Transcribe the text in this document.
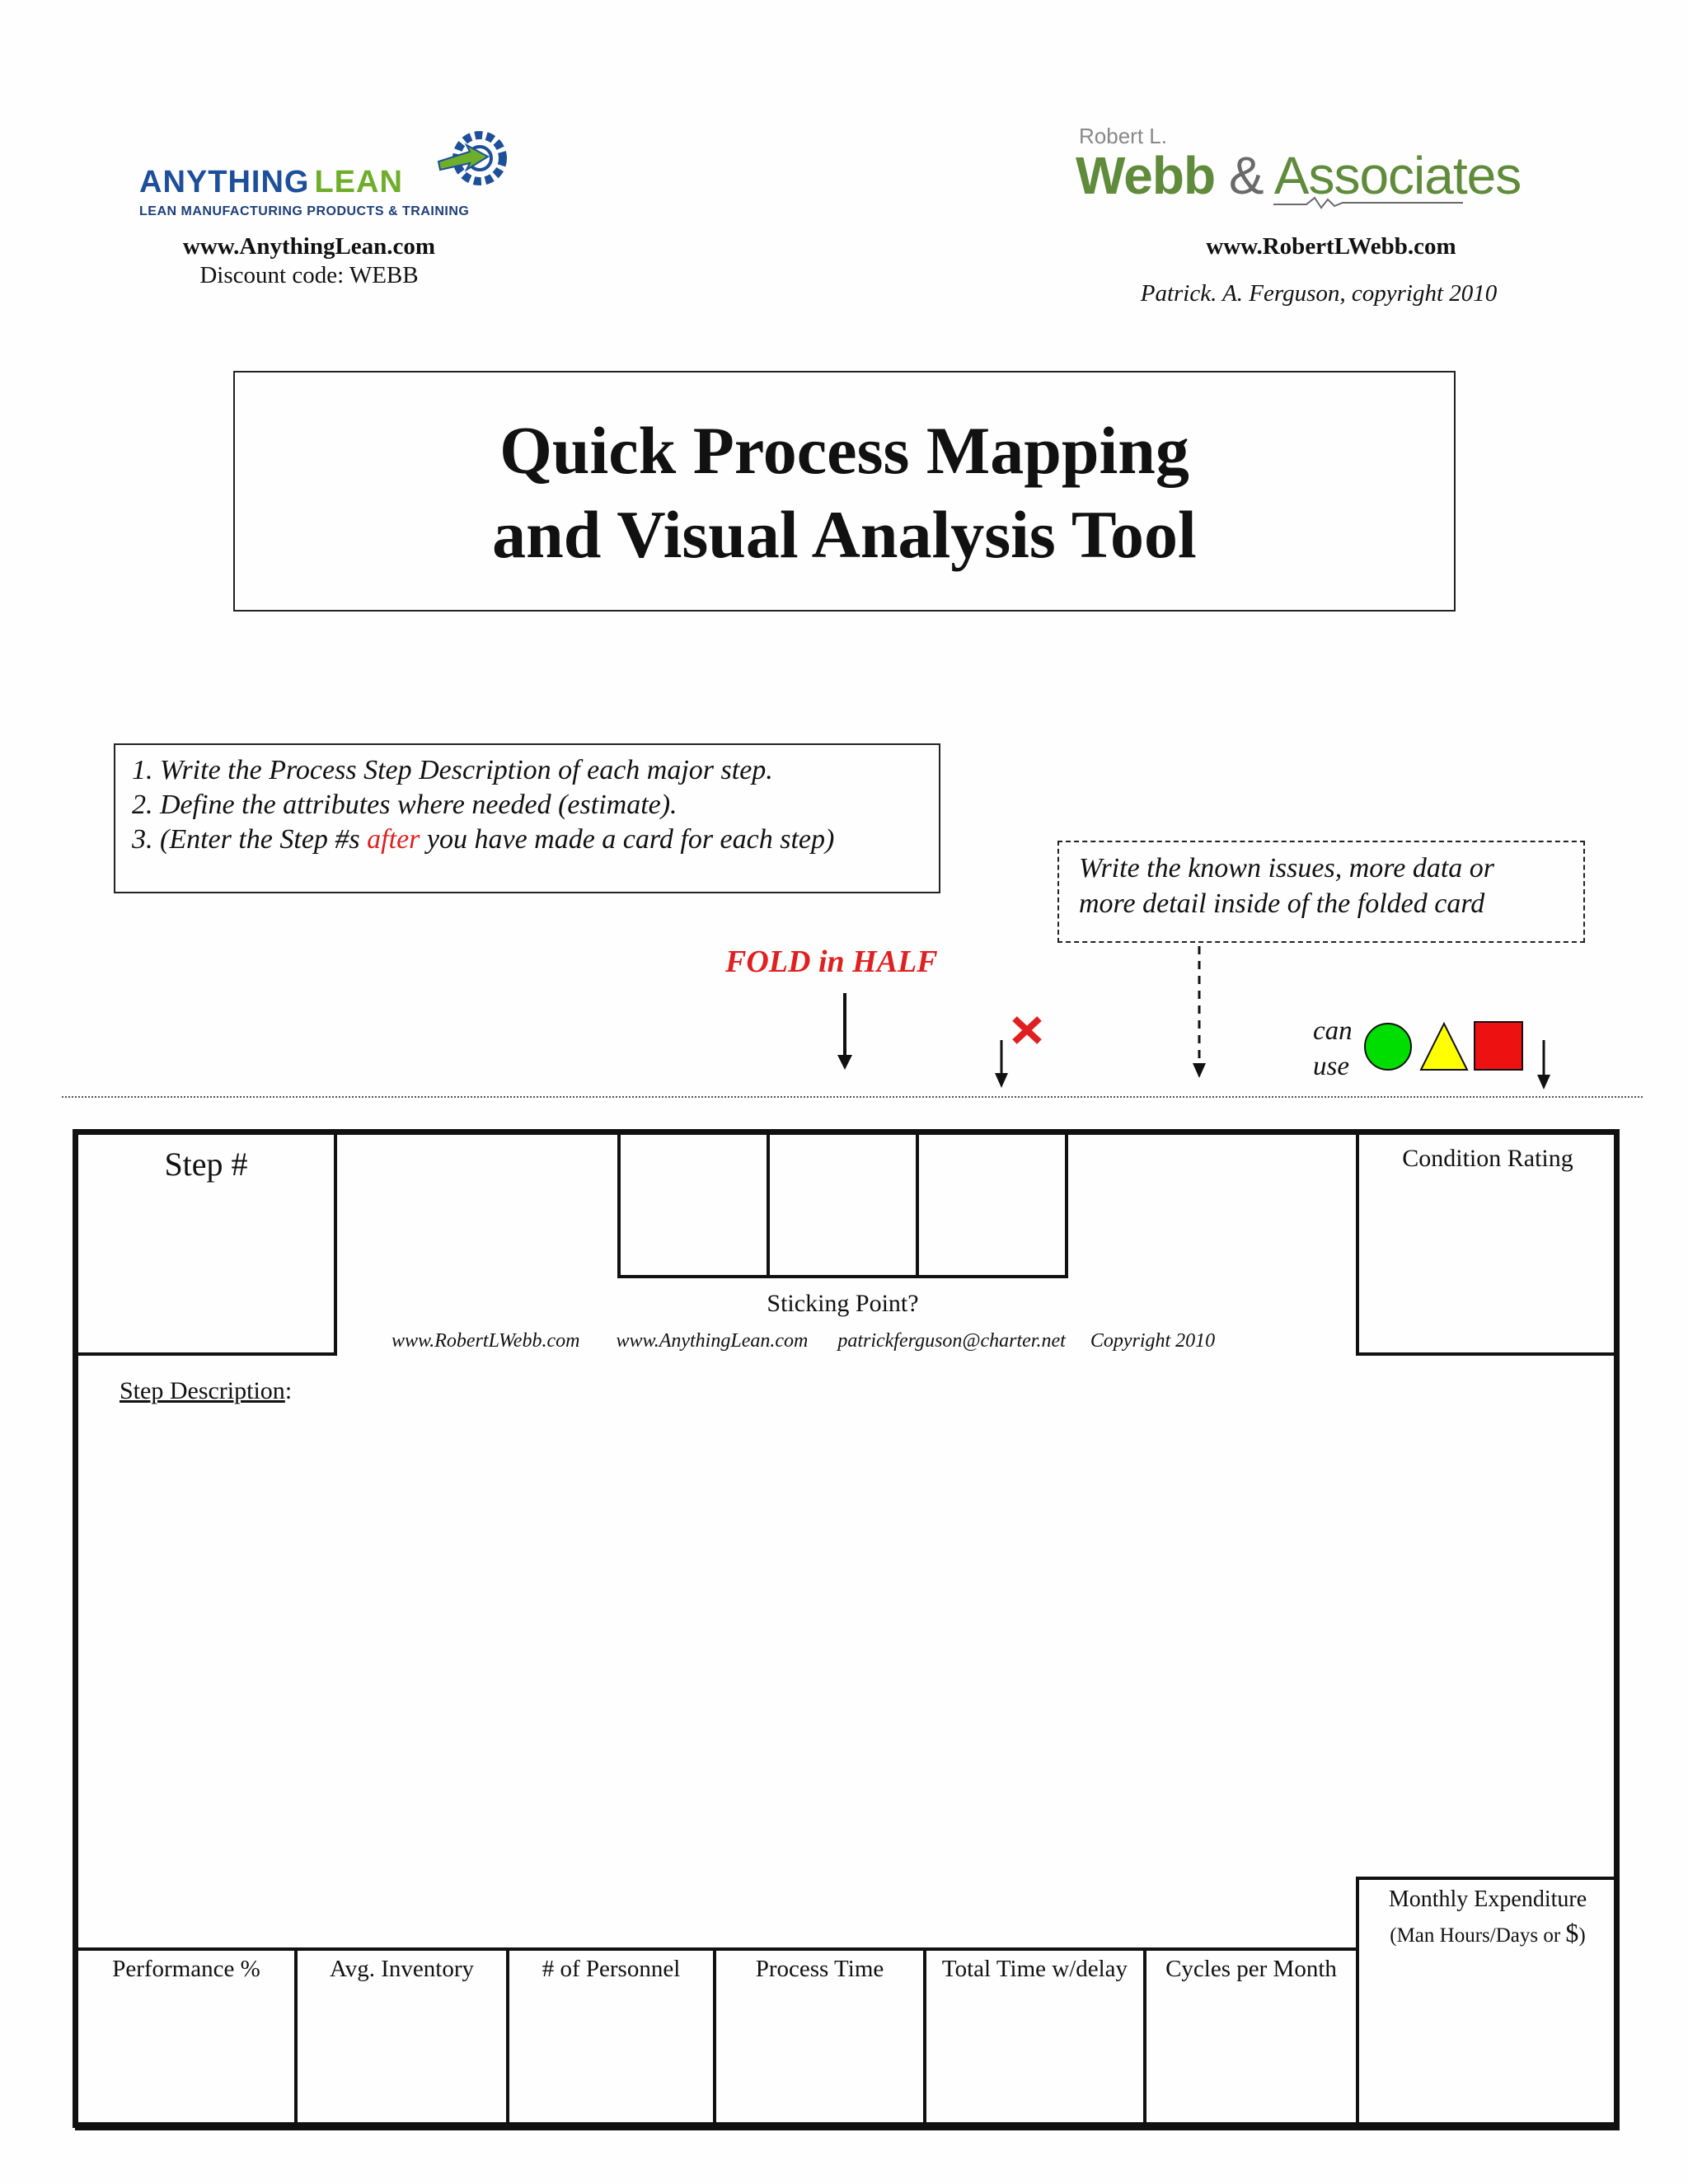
ANYTHING LEAN
LEAN MANUFACTURING PRODUCTS & TRAINING
www.AnythingLean.com
Discount code: WEBB
Robert L.
Webb & Associates
www.RobertLWebb.com
Patrick. A. Ferguson, copyright 2010
Quick Process Mapping
and Visual Analysis Tool
1. Write the Process Step Description of each major step.
2. Define the attributes where needed (estimate).
3. (Enter the Step #s after you have made a card for each step)
Write the known issues, more data or
more detail inside of the folded card
FOLD in HALF
can
use
Step #
Sticking Point?
www.RobertLWebb.com www.AnythingLean.com patrickferguson@charter.net Copyright 2010
Condition Rating
Step Description:
Monthly Expenditure
(Man Hours/Days or $)
Performance %	Avg. Inventory	# of Personnel	Process Time	Total Time w/delay	Cycles per Month
